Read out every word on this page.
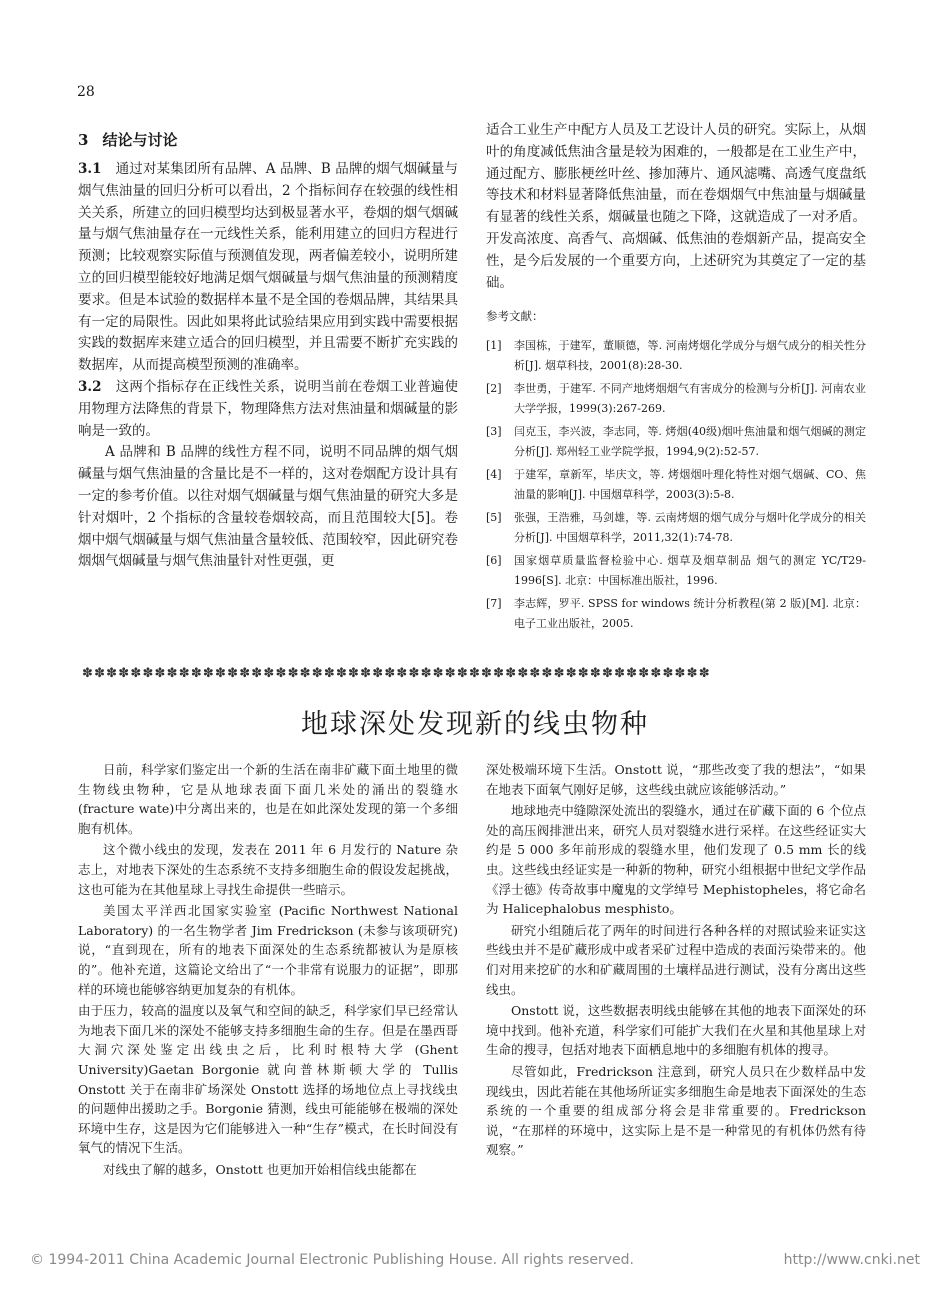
28
3 结论与讨论

3.1 通过对某集团所有品牌、A 品牌、B 品牌的烟气烟碱量与烟气焦油量的回归分析可以看出，2 个指标间存在较强的线性相关关系，所建立的回归模型均达到极显著水平，卷烟的烟气烟碱量与烟气焦油量存在一元线性关系，能利用建立的回归方程进行预测；比较观察实际值与预测值发现，两者偏差较小，说明所建立的回归模型能较好地满足烟气烟碱量与烟气焦油量的预测精度要求。但是本试验的数据样本量不是全国的卷烟品牌，其结果具有一定的局限性。因此如果将此试验结果应用到实践中需要根据实践的数据库来建立适合的回归模型，并且需要不断扩充实践的数据库，从而提高模型预测的准确率。

3.2 这两个指标存在正线性关系，说明当前在卷烟工业普遍使用物理方法降焦的背景下，物理降焦方法对焦油量和烟碱量的影响是一致的。

A 品牌和 B 品牌的线性方程不同，说明不同品牌的烟气烟碱量与烟气焦油量的含量比是不一样的，这对卷烟配方设计具有一定的参考价值。以往对烟气烟碱量与烟气焦油量的研究大多是针对烟叶，2 个指标的含量较卷烟较高，而且范围较大[5]。卷烟中烟气烟碱量与烟气焦油量含量较低、范围较窄，因此研究卷烟烟气烟碱量与烟气焦油量针对性更强，更

适合工业生产中配方人员及工艺设计人员的研究。实际上，从烟叶的角度减低焦油含量是较为困难的，一般都是在工业生产中，通过配方、膨胀梗丝叶丝、掺加薄片、通风滤嘴、高透气度盘纸等技术和材料显著降低焦油量，而在卷烟烟气中焦油量与烟碱量有显著的线性关系，烟碱量也随之下降，这就造成了一对矛盾。开发高浓度、高香气、高烟碱、低焦油的卷烟新产品，提高安全性，是今后发展的一个重要方向，上述研究为其奠定了一定的基础。

参考文献：
[1]	李国栋，于建军，董顺德，等. 河南烤烟化学成分与烟气成分的相关性分析[J]. 烟草科技，2001(8):28-30.
[2]	李世勇，于建军. 不同产地烤烟烟气有害成分的检测与分析[J]. 河南农业大学学报，1999(3):267-269.
[3]	闫克玉，李兴波，李志同，等. 烤烟(40级)烟叶焦油量和烟气烟碱的测定分析[J]. 郑州轻工业学院学报，1994,9(2):52-57.
[4]	于建军，章新军，毕庆文，等. 烤烟烟叶理化特性对烟气烟碱、CO、焦油量的影响[J]. 中国烟草科学，2003(3):5-8.
[5]	张强，王浩雅，马剑雄，等. 云南烤烟的烟气成分与烟叶化学成分的相关分析[J]. 中国烟草科学，2011,32(1):74-78.
[6]	国家烟草质量监督检验中心. 烟草及烟草制品 烟气的测定 YC/T29-1996[S]. 北京：中国标准出版社，1996.
[7]	李志辉，罗平. SPSS for windows 统计分析教程(第 2 版)[M]. 北京：电子工业出版社，2005.
✽✽✽✽✽✽✽✽✽✽✽✽✽✽✽✽✽✽✽✽✽✽✽✽✽✽✽✽✽✽✽✽✽✽✽✽✽✽✽✽✽✽✽✽✽✽✽✽✽✽✽✽
地球深处发现新的线虫物种

日前，科学家们鉴定出一个新的生活在南非矿藏下面土地里的微生物线虫物种，它是从地球表面下面几米处的涌出的裂缝水(fracture wate)中分离出来的，也是在如此深处发现的第一个多细胞有机体。

这个微小线虫的发现，发表在 2011 年 6 月发行的 Nature 杂志上，对地表下深处的生态系统不支持多细胞生命的假设发起挑战，这也可能为在其他星球上寻找生命提供一些暗示。

美国太平洋西北国家实验室 (Pacific Northwest National Laboratory) 的一名生物学者 Jim Fredrickson (未参与该项研究) 说，“直到现在，所有的地表下面深处的生态系统都被认为是原核的”。他补充道，这篇论文给出了“一个非常有说服力的证据”，即那样的环境也能够容纳更加复杂的有机体。

由于压力，较高的温度以及氧气和空间的缺乏，科学家们早已经常认为地表下面几米的深处不能够支持多细胞生命的生存。但是在墨西哥大洞穴深处鉴定出线虫之后，比利时根特大学 (Ghent University)Gaetan Borgonie 就向普林斯顿大学的 Tullis Onstott 关于在南非矿场深处 Onstott 选择的场地位点上寻找线虫的问题伸出援助之手。Borgonie 猜测，线虫可能能够在极端的深处环境中生存，这是因为它们能够进入一种“生存”模式，在长时间没有氧气的情况下生活。

对线虫了解的越多，Onstott 也更加开始相信线虫能都在

深处极端环境下生活。Onstott 说，“那些改变了我的想法”，“如果在地表下面氧气刚好足够，这些线虫就应该能够活动。”

地球地壳中缝隙深处流出的裂缝水，通过在矿藏下面的 6 个位点处的高压阀排泄出来，研究人员对裂缝水进行采样。在这些经证实大约是 5 000 多年前形成的裂缝水里，他们发现了 0.5 mm 长的线虫。这些线虫经证实是一种新的物种，研究小组根据中世纪文学作品《浮士德》传奇故事中魔鬼的文学绰号 Mephistopheles，将它命名为 Halicephalobus mesphisto。

研究小组随后花了两年的时间进行各种各样的对照试验来证实这些线虫并不是矿藏形成中或者采矿过程中造成的表面污染带来的。他们对用来挖矿的水和矿藏周围的土壤样品进行测试，没有分离出这些线虫。

Onstott 说，这些数据表明线虫能够在其他的地表下面深处的环境中找到。他补充道，科学家们可能扩大我们在火星和其他星球上对生命的搜寻，包括对地表下面栖息地中的多细胞有机体的搜寻。

尽管如此，Fredrickson 注意到，研究人员只在少数样品中发现线虫，因此若能在其他场所证实多细胞生命是地表下面深处的生态系统的一个重要的组成部分将会是非常重要的。Fredrickson 说，“在那样的环境中，这实际上是不是一种常见的有机体仍然有待观察。”

© 1994-2011 China Academic Journal Electronic Publishing House. All rights reserved.	http://www.cnki.net
